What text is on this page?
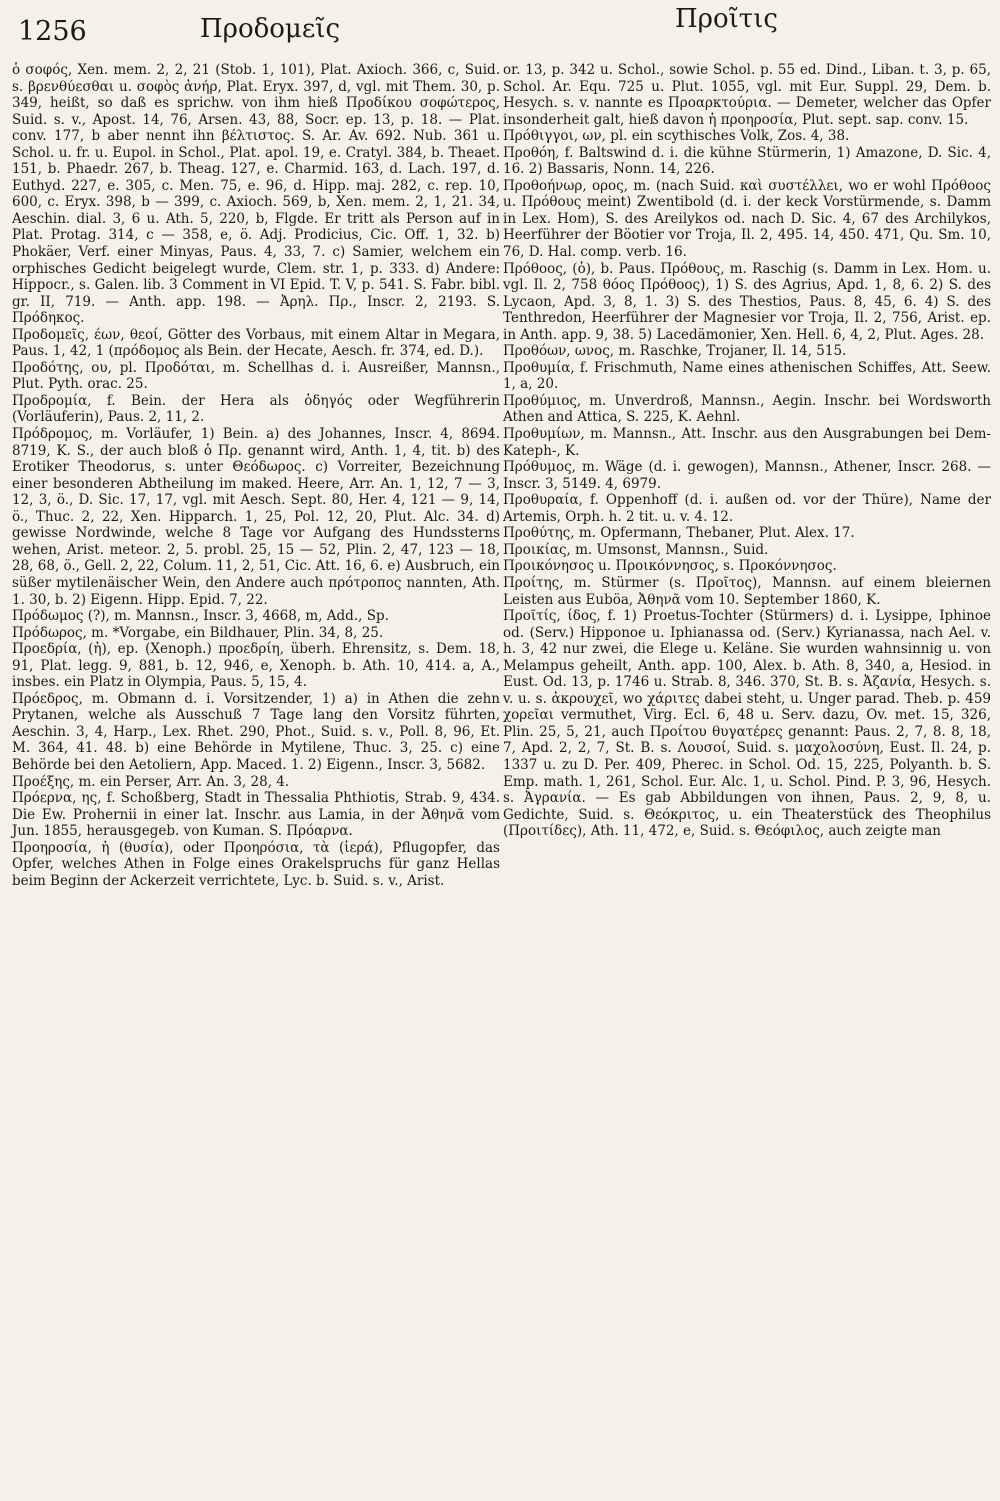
1256	Προδομεῖς	Προῖτις

ὁ σοφός, Xen. mem. 2, 2, 21 (Stob. 1, 101), Plat. Axioch. 366, c, Suid. s. βρενθύεσθαι u. σοφὸς ἀνήρ, Plat. Eryx. 397, d, vgl. mit Them. 30, p. 349, heißt, so daß es sprichw. von ihm hieß Προδίκου σοφώτερος, Suid. s. v., Apost. 14, 76, Arsen. 43, 88, Socr. ep. 13, p. 18. — Plat. conv. 177, b aber nennt ihn βέλτιστος. S. Ar. Av. 692. Nub. 361 u. Schol. u. fr. u. Eupol. in Schol., Plat. apol. 19, e. Cratyl. 384, b. Theaet. 151, b. Phaedr. 267, b. Theag. 127, e. Charmid. 163, d. Lach. 197, d. Euthyd. 227, e. 305, c. Men. 75, e. 96, d. Hipp. maj. 282, c. rep. 10, 600, c. Eryx. 398, b — 399, c. Axioch. 569, b, Xen. mem. 2, 1, 21. 34, Aeschin. dial. 3, 6 u. Ath. 5, 220, b, Flgde. Er tritt als Person auf in Plat. Protag. 314, c — 358, e, ö. Adj. Prodicius, Cic. Off. 1, 32. b) Phokäer, Verf. einer Minyas, Paus. 4, 33, 7. c) Samier, welchem ein orphisches Gedicht beigelegt wurde, Clem. str. 1, p. 333. d) Andere: Hippocr., s. Galen. lib. 3 Comment in VI Epid. T. V, p. 541. S. Fabr. bibl. gr. II, 719. — Anth. app. 198. — Ἀρηλ. Πρ., Inscr. 2, 2193. S. Πρόδηκος.

Προδομεῖς, έων, θεοί, Götter des Vorbaus, mit einem Altar in Megara, Paus. 1, 42, 1 (πρόδομος als Bein. der Hecate, Aesch. fr. 374, ed. D.).

Προδότης, ου, pl. Προδόται, m. Schellhas d. i. Ausreißer, Mannsn., Plut. Pyth. orac. 25.

Προδρομία, f. Bein. der Hera als ὁδηγός oder Wegführerin (Vorläuferin), Paus. 2, 11, 2.

Πρόδρομος, m. Vorläufer, 1) Bein. a) des Johannes, Inscr. 4, 8694. 8719, K. S., der auch bloß ὁ Πρ. genannt wird, Anth. 1, 4, tit. b) des Erotiker Theodorus, s. unter Θεόδωρος. c) Vorreiter, Bezeichnung einer besonderen Abtheilung im maked. Heere, Arr. An. 1, 12, 7 — 3, 12, 3, ö., D. Sic. 17, 17, vgl. mit Aesch. Sept. 80, Her. 4, 121 — 9, 14, ö., Thuc. 2, 22, Xen. Hipparch. 1, 25, Pol. 12, 20, Plut. Alc. 34. d) gewisse Nordwinde, welche 8 Tage vor Aufgang des Hundssterns wehen, Arist. meteor. 2, 5. probl. 25, 15 — 52, Plin. 2, 47, 123 — 18, 28, 68, ö., Gell. 2, 22, Colum. 11, 2, 51, Cic. Att. 16, 6. e) Ausbruch, ein süßer mytilenäischer Wein, den Andere auch πρότροπος nannten, Ath. 1. 30, b. 2) Eigenn. Hipp. Epid. 7, 22.

Πρόδωμος (?), m. Mannsn., Inscr. 3, 4668, m, Add., Sp.

Πρόδωρος, m. *Vorgabe, ein Bildhauer, Plin. 34, 8, 25.

Προεδρία, (ἡ), ep. (Xenoph.) προεδρίη, überh. Ehrensitz, s. Dem. 18, 91, Plat. legg. 9, 881, b. 12, 946, e, Xenoph. b. Ath. 10, 414. a, A., insbes. ein Platz in Olympia, Paus. 5, 15, 4.

Πρόεδρος, m. Obmann d. i. Vorsitzender, 1) a) in Athen die zehn Prytanen, welche als Ausschuß 7 Tage lang den Vorsitz führten, Aeschin. 3, 4, Harp., Lex. Rhet. 290, Phot., Suid. s. v., Poll. 8, 96, Et. M. 364, 41. 48. b) eine Behörde in Mytilene, Thuc. 3, 25. c) eine Behörde bei den Aetoliern, App. Maced. 1. 2) Eigenn., Inscr. 3, 5682.

Προέξης, m. ein Perser, Arr. An. 3, 28, 4.

Πρόερνα, ης, f. Schoßberg, Stadt in Thessalia Phthiotis, Strab. 9, 434. Die Ew. Prohernii in einer lat. Inschr. aus Lamia, in der Ἀθηνᾶ vom Jun. 1855, herausgegeb. von Kuman. S. Πρόαρνα.

Προηροσία, ἡ (θυσία), oder Προηρόσια, τὰ (ἱερά), Pflugopfer, das Opfer, welches Athen in Folge eines Orakelspruchs für ganz Hellas beim Beginn der Ackerzeit verrichtete, Lyc. b. Suid. s. v., Arist.

or. 13, p. 342 u. Schol., sowie Schol. p. 55 ed. Dind., Liban. t. 3, p. 65, Schol. Ar. Equ. 725 u. Plut. 1055, vgl. mit Eur. Suppl. 29, Dem. b. Hesych. s. v. nannte es Προαρκτούρια. — Demeter, welcher das Opfer insonderheit galt, hieß davon ἡ προηροσία, Plut. sept. sap. conv. 15.

Πρόθιγγοι, ων, pl. ein scythisches Volk, Zos. 4, 38.

Προθόη, f. Baltswind d. i. die kühne Stürmerin, 1) Amazone, D. Sic. 4, 16. 2) Bassaris, Nonn. 14, 226.

Προθοήνωρ, ορος, m. (nach Suid. καὶ συστέλλει, wo er wohl Πρόθοος u. Πρόθους meint) Zwentibold (d. i. der keck Vorstürmende, s. Damm in Lex. Hom), S. des Areilykos od. nach D. Sic. 4, 67 des Archilykos, Heerführer der Böotier vor Troja, Il. 2, 495. 14, 450. 471, Qu. Sm. 10, 76, D. Hal. comp. verb. 16.

Πρόθοος, (ὁ), b. Paus. Πρόθους, m. Raschig (s. Damm in Lex. Hom. u. vgl. Il. 2, 758 θόος Πρόθοος), 1) S. des Agrius, Apd. 1, 8, 6. 2) S. des Lycaon, Apd. 3, 8, 1. 3) S. des Thestios, Paus. 8, 45, 6. 4) S. des Tenthredon, Heerführer der Magnesier vor Troja, Il. 2, 756, Arist. ep. in Anth. app. 9, 38. 5) Lacedämonier, Xen. Hell. 6, 4, 2, Plut. Ages. 28.

Προθόων, ωνος, m. Raschke, Trojaner, Il. 14, 515.

Προθυμία, f. Frischmuth, Name eines athenischen Schiffes, Att. Seew. 1, a, 20.

Προθύμιος, m. Unverdroß, Mannsn., Aegin. Inschr. bei Wordsworth Athen and Attica, S. 225, K. Aehnl.

Προθυμίων, m. Mannsn., Att. Inschr. aus den Ausgrabungen bei Dem-Kateph-, K.

Πρόθυμος, m. Wäge (d. i. gewogen), Mannsn., Athener, Inscr. 268. — Inscr. 3, 5149. 4, 6979.

Προθυραία, f. Oppenhoff (d. i. außen od. vor der Thüre), Name der Artemis, Orph. h. 2 tit. u. v. 4. 12.

Προθύτης, m. Opfermann, Thebaner, Plut. Alex. 17.

Προικίας, m. Umsonst, Mannsn., Suid.

Προικόνησος u. Προικόννησος, s. Προκόννησος.

Προίτης, m. Stürmer (s. Προῖτος), Mannsn. auf einem bleiernen Leisten aus Euböa, Ἀθηνᾶ vom 10. September 1860, K.

Προῖτίς, ίδος, f. 1) Proetus-Tochter (Stürmers) d. i. Lysippe, Iphinoe od. (Serv.) Hipponoe u. Iphianassa od. (Serv.) Kyrianassa, nach Ael. v. h. 3, 42 nur zwei, die Elege u. Keläne. Sie wurden wahnsinnig u. von Melampus geheilt, Anth. app. 100, Alex. b. Ath. 8, 340, a, Hesiod. in Eust. Od. 13, p. 1746 u. Strab. 8, 346. 370, St. B. s. Ἀζανία, Hesych. s. v. u. s. ἀκρουχεῖ, wo χάριτες dabei steht, u. Unger parad. Theb. p. 459 χορεῖαι vermuthet, Virg. Ecl. 6, 48 u. Serv. dazu, Ov. met. 15, 326, Plin. 25, 5, 21, auch Προίτου θυγατέρες genannt: Paus. 2, 7, 8. 8, 18, 7, Apd. 2, 2, 7, St. B. s. Λουσοί, Suid. s. μαχολοσύνη, Eust. Il. 24, p. 1337 u. zu D. Per. 409, Pherec. in Schol. Od. 15, 225, Polyanth. b. S. Emp. math. 1, 261, Schol. Eur. Alc. 1, u. Schol. Pind. P. 3, 96, Hesych. s. Ἀγρανία. — Es gab Abbildungen von ihnen, Paus. 2, 9, 8, u. Gedichte, Suid. s. Θεόκριτος, u. ein Theaterstück des Theophilus (Προιτίδες), Ath. 11, 472, e, Suid. s. Θεόφιλος, auch zeigte man
